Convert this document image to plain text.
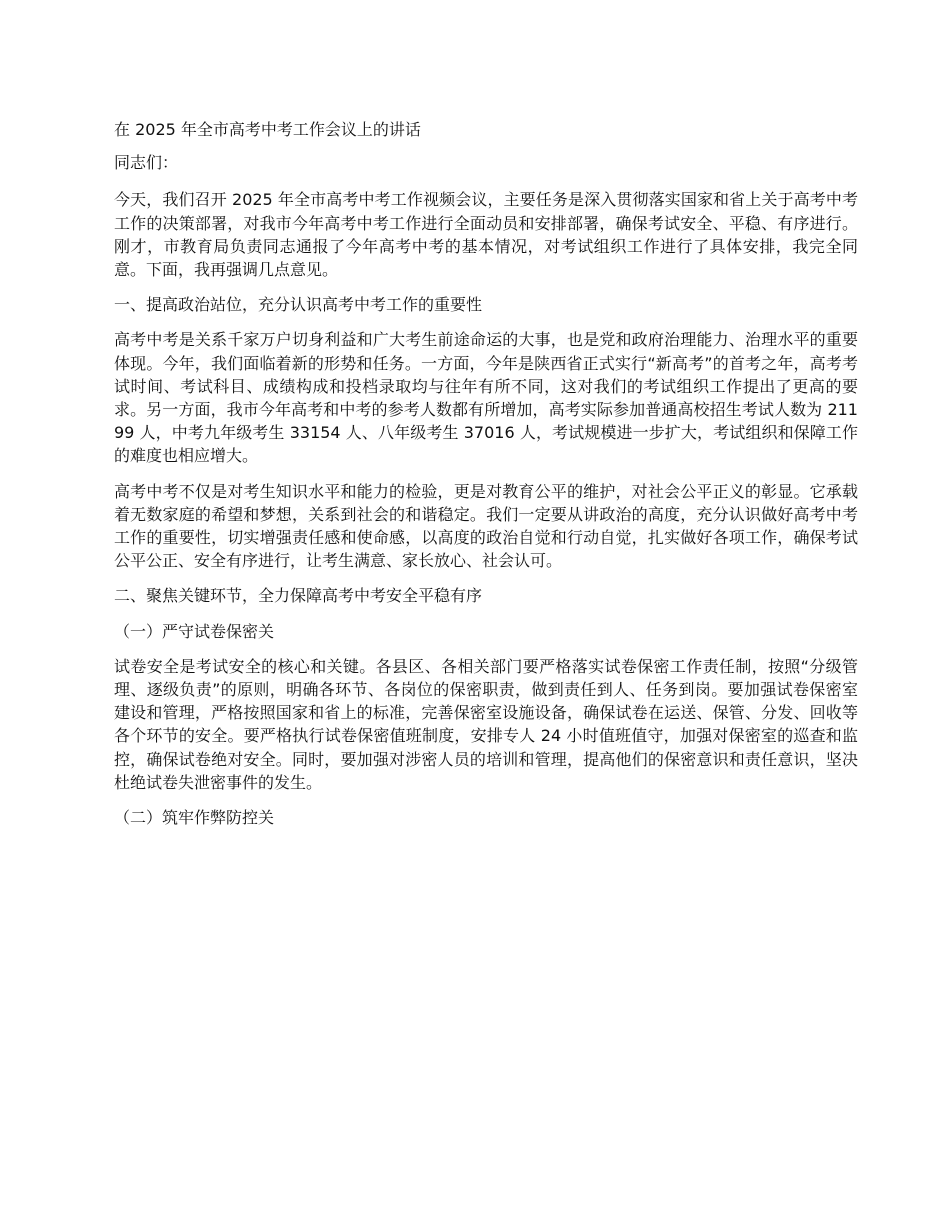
在 2025 年全市高考中考工作会议上的讲话

同志们：

今天，我们召开 2025 年全市高考中考工作视频会议，主要任务是深入贯彻落实国家和省上关于高考中考工作的决策部署，对我市今年高考中考工作进行全面动员和安排部署，确保考试安全、平稳、有序进行。刚才，市教育局负责同志通报了今年高考中考的基本情况，对考试组织工作进行了具体安排，我完全同意。下面，我再强调几点意见。

一、提高政治站位，充分认识高考中考工作的重要性

高考中考是关系千家万户切身利益和广大考生前途命运的大事，也是党和政府治理能力、治理水平的重要体现。今年，我们面临着新的形势和任务。一方面，今年是陕西省正式实行“新高考”的首考之年，高考考试时间、考试科目、成绩构成和投档录取均与往年有所不同，这对我们的考试组织工作提出了更高的要求。另一方面，我市今年高考和中考的参考人数都有所增加，高考实际参加普通高校招生考试人数为 21199 人，中考九年级考生 33154 人、八年级考生 37016 人，考试规模进一步扩大，考试组织和保障工作的难度也相应增大。

高考中考不仅是对考生知识水平和能力的检验，更是对教育公平的维护，对社会公平正义的彰显。它承载着无数家庭的希望和梦想，关系到社会的和谐稳定。我们一定要从讲政治的高度，充分认识做好高考中考工作的重要性，切实增强责任感和使命感，以高度的政治自觉和行动自觉，扎实做好各项工作，确保考试公平公正、安全有序进行，让考生满意、家长放心、社会认可。

二、聚焦关键环节，全力保障高考中考安全平稳有序

（一）严守试卷保密关

试卷安全是考试安全的核心和关键。各县区、各相关部门要严格落实试卷保密工作责任制，按照“分级管理、逐级负责”的原则，明确各环节、各岗位的保密职责，做到责任到人、任务到岗。要加强试卷保密室建设和管理，严格按照国家和省上的标准，完善保密室设施设备，确保试卷在运送、保管、分发、回收等各个环节的安全。要严格执行试卷保密值班制度，安排专人 24 小时值班值守，加强对保密室的巡查和监控，确保试卷绝对安全。同时，要加强对涉密人员的培训和管理，提高他们的保密意识和责任意识，坚决杜绝试卷失泄密事件的发生。

（二）筑牢作弊防控关
